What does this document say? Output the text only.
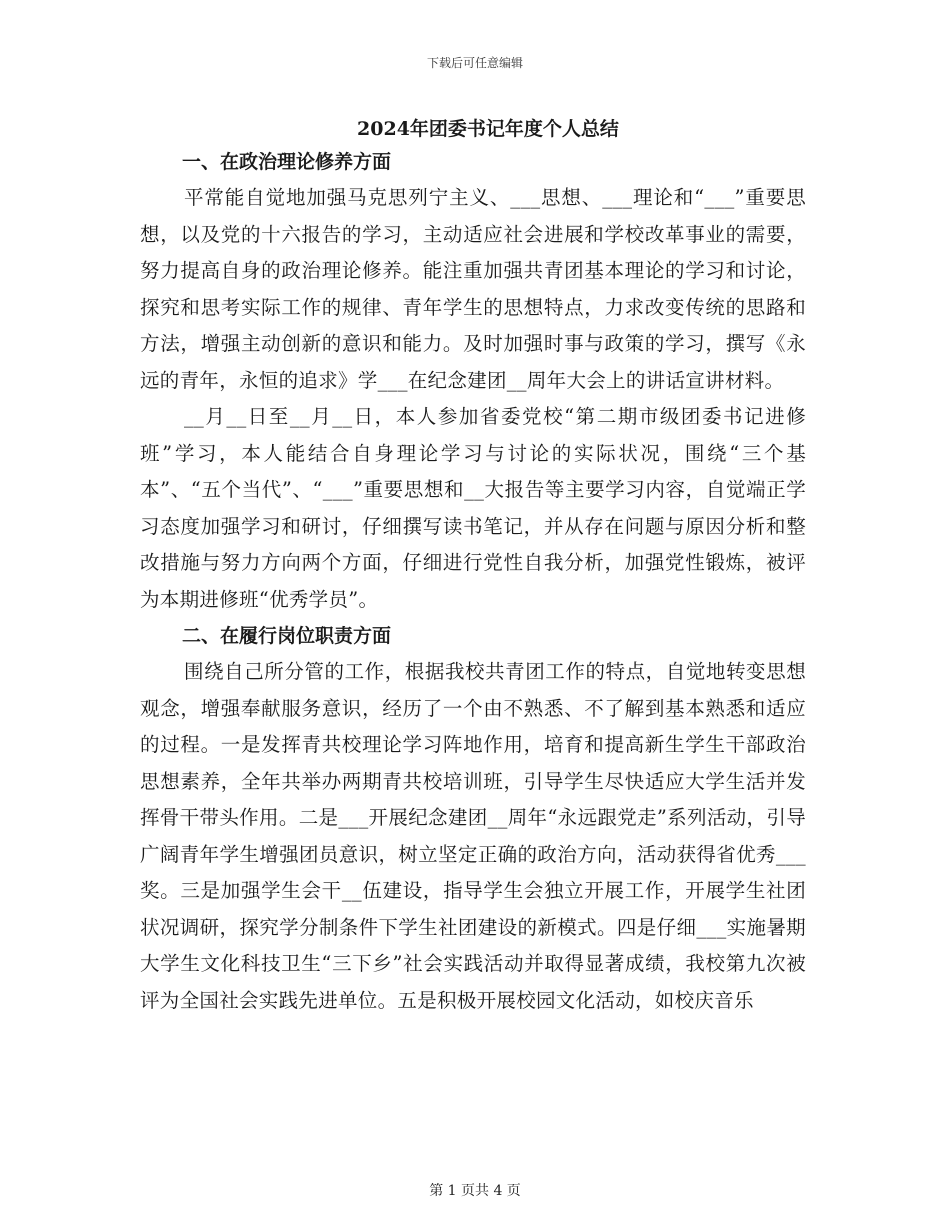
下载后可任意编辑
2024年团委书记年度个人总结
一、在政治理论修养方面

平常能自觉地加强马克思列宁主义、___思想、___理论和“___”重要思想，以及党的十六报告的学习，主动适应社会进展和学校改革事业的需要，努力提高自身的政治理论修养。能注重加强共青团基本理论的学习和讨论，探究和思考实际工作的规律、青年学生的思想特点，力求改变传统的思路和方法，增强主动创新的意识和能力。及时加强时事与政策的学习，撰写《永远的青年，永恒的追求》学___在纪念建团__周年大会上的讲话宣讲材料。

__月__日至__月__日，本人参加省委党校“第二期市级团委书记进修班”学习，本人能结合自身理论学习与讨论的实际状况，围绕“三个基本”、“五个当代”、“___”重要思想和__大报告等主要学习内容，自觉端正学习态度加强学习和研讨，仔细撰写读书笔记，并从存在问题与原因分析和整改措施与努力方向两个方面，仔细进行党性自我分析，加强党性锻炼，被评为本期进修班“优秀学员”。

二、在履行岗位职责方面

围绕自己所分管的工作，根据我校共青团工作的特点，自觉地转变思想观念，增强奉献服务意识，经历了一个由不熟悉、不了解到基本熟悉和适应的过程。一是发挥青共校理论学习阵地作用，培育和提高新生学生干部政治思想素养，全年共举办两期青共校培训班，引导学生尽快适应大学生活并发挥骨干带头作用。二是___开展纪念建团__周年“永远跟党走”系列活动，引导广阔青年学生增强团员意识，树立坚定正确的政治方向，活动获得省优秀___奖。三是加强学生会干__伍建设，指导学生会独立开展工作，开展学生社团状况调研，探究学分制条件下学生社团建设的新模式。四是仔细___实施暑期大学生文化科技卫生“三下乡”社会实践活动并取得显著成绩，我校第九次被评为全国社会实践先进单位。五是积极开展校园文化活动，如校庆音乐

第 1 页共 4 页
